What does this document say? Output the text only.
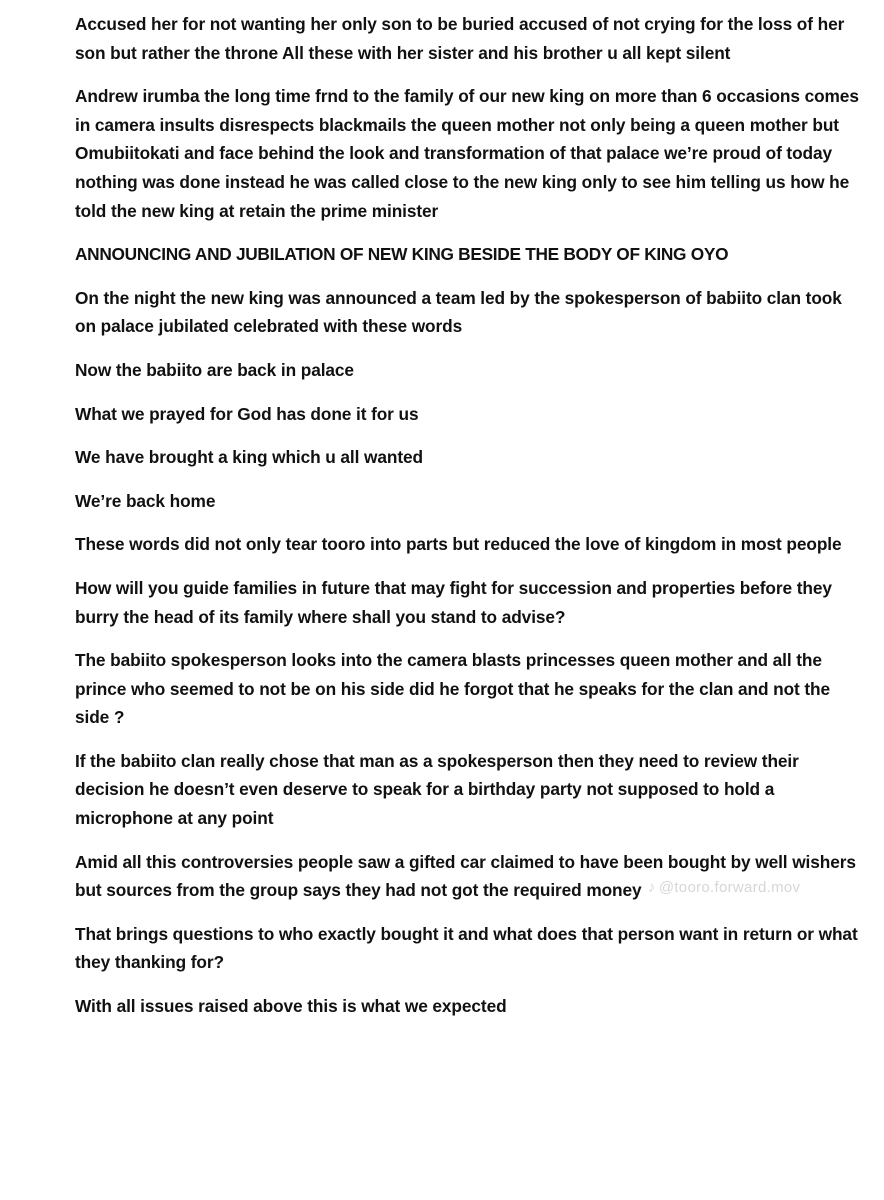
Accused her for not wanting her only son to be buried accused of not crying for the loss of her son but rather the throne All these with her sister and his brother u all kept silent

Andrew irumba the long time frnd to the family of our new king on more than 6 occasions comes in camera insults disrespects blackmails the queen mother not only being a queen mother but Omubiitokati and face behind the look and transformation of that palace we’re proud of today nothing was done instead he was called close to the new king only to see him telling us how he told the new king at retain the prime minister

ANNOUNCING AND JUBILATION OF NEW KING BESIDE THE BODY OF KING OYO

On the night the new king was announced a team led by the spokesperson of babiito clan took on palace jubilated celebrated with these words

Now the babiito are back in palace

What we prayed for God has done it for us

We have brought a king which u all wanted

We’re back home

These words did not only tear tooro into parts but reduced the love of kingdom in most people

How will you guide families in future that may fight for succession and properties before they burry the head of its family where shall you stand to advise?

The babiito spokesperson looks into the camera blasts princesses queen mother and all the prince who seemed to not be on his side did he forgot that he speaks for the clan and not the side ?

If the babiito clan really chose that man as a spokesperson then they need to review their decision he doesn’t even deserve to speak for a birthday party not supposed to hold a microphone at any point

Amid all this controversies people saw a gifted car claimed to have been bought by well wishers but sources from the group says they had not got the required money

That brings questions to who exactly bought it and what does that person want in return or what they thanking for?

With all issues raised above this is what we expected

♪ @tooro.forward.mov
